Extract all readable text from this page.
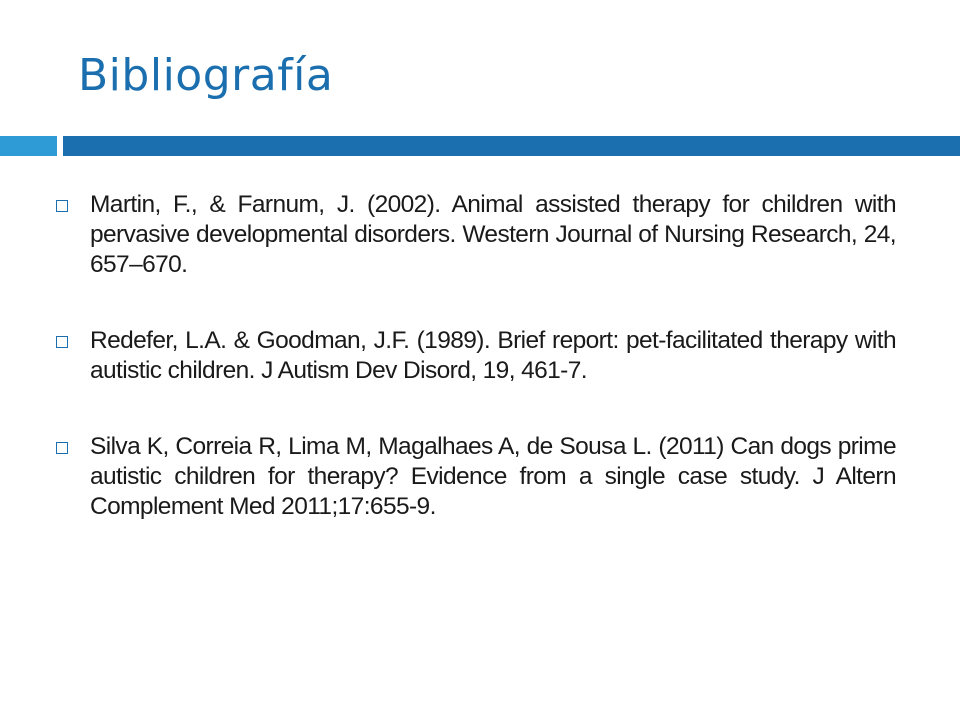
Bibliografía
Martin, F., & Farnum, J. (2002). Animal assisted therapy for children with pervasive developmental disorders. Western Journal of Nursing Research, 24, 657–670.
Redefer, L.A. & Goodman, J.F. (1989). Brief report: pet-facilitated therapy with autistic children. J Autism Dev Disord, 19, 461-7.
Silva K, Correia R, Lima M, Magalhaes A, de Sousa L. (2011) Can dogs prime autistic children for therapy? Evidence from a single case study. J Altern Complement Med 2011;17:655-9.
